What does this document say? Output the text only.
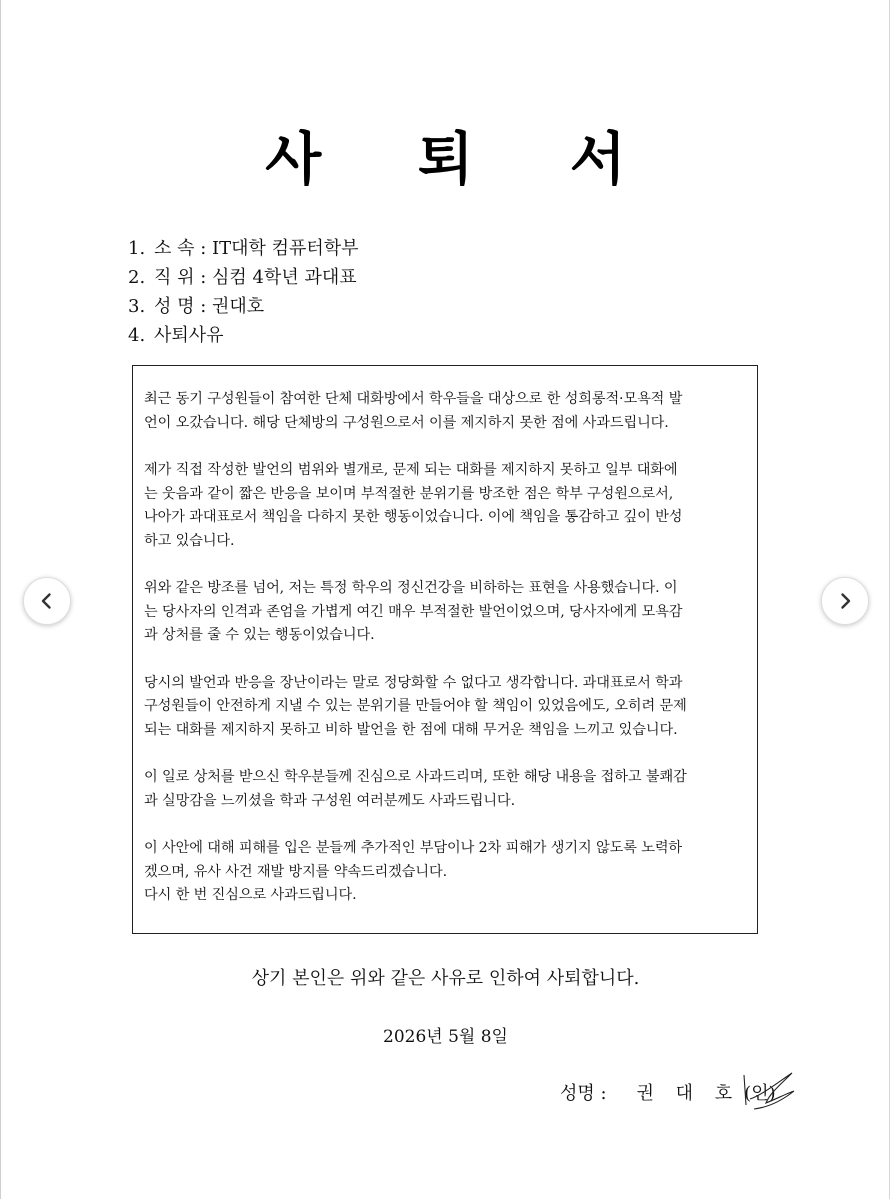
사 퇴 서
1. 소 속 : IT대학 컴퓨터학부
2. 직 위 : 심컴 4학년 과대표
3. 성 명 : 권대호
4. 사퇴사유

최근 동기 구성원들이 참여한 단체 대화방에서 학우들을 대상으로 한 성희롱적·모욕적 발
언이 오갔습니다. 해당 단체방의 구성원으로서 이를 제지하지 못한 점에 사과드립니다.

제가 직접 작성한 발언의 범위와 별개로, 문제 되는 대화를 제지하지 못하고 일부 대화에
는 웃음과 같이 짧은 반응을 보이며 부적절한 분위기를 방조한 점은 학부 구성원으로서,
나아가 과대표로서 책임을 다하지 못한 행동이었습니다. 이에 책임을 통감하고 깊이 반성
하고 있습니다.

위와 같은 방조를 넘어, 저는 특정 학우의 정신건강을 비하하는 표현을 사용했습니다. 이
는 당사자의 인격과 존엄을 가볍게 여긴 매우 부적절한 발언이었으며, 당사자에게 모욕감
과 상처를 줄 수 있는 행동이었습니다.

당시의 발언과 반응을 장난이라는 말로 정당화할 수 없다고 생각합니다. 과대표로서 학과
구성원들이 안전하게 지낼 수 있는 분위기를 만들어야 할 책임이 있었음에도, 오히려 문제
되는 대화를 제지하지 못하고 비하 발언을 한 점에 대해 무거운 책임을 느끼고 있습니다.

이 일로 상처를 받으신 학우분들께 진심으로 사과드리며, 또한 해당 내용을 접하고 불쾌감
과 실망감을 느끼셨을 학과 구성원 여러분께도 사과드립니다.

이 사안에 대해 피해를 입은 분들께 추가적인 부담이나 2차 피해가 생기지 않도록 노력하
겠으며, 유사 사건 재발 방지를 약속드리겠습니다.
다시 한 번 진심으로 사과드립니다.

상기 본인은 위와 같은 사유로 인하여 사퇴합니다.
2026년 5월 8일
성명 : 권 대 호 (인)
